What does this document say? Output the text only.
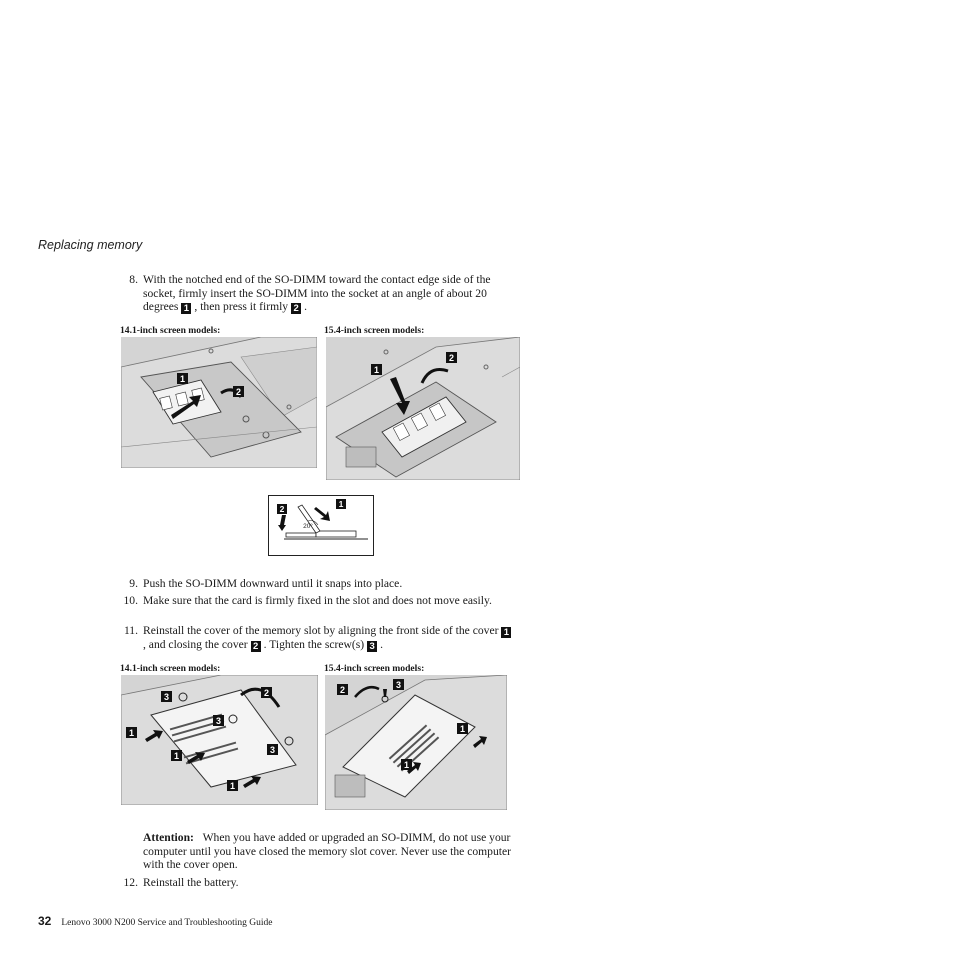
Replacing memory
8. With the notched end of the SO-DIMM toward the contact edge side of the socket, firmly insert the SO-DIMM into the socket at an angle of about 20 degrees 1 , then press it firmly 2 .
14.1-inch screen models:	15.4-inch screen models:
1
2
1
2
20°
1
2
9. Push the SO-DIMM downward until it snaps into place.
10. Make sure that the card is firmly fixed in the slot and does not move easily.
11. Reinstall the cover of the memory slot by aligning the front side of the cover 1, and closing the cover 2 . Tighten the screw(s) 3 .
14.1-inch screen models:	15.4-inch screen models:
2
3
3
3
1
1
1
2	3
1
1
Attention: When you have added or upgraded an SO-DIMM, do not use your computer until you have closed the memory slot cover. Never use the computer with the cover open.
12. Reinstall the battery.
32 Lenovo 3000 N200 Service and Troubleshooting Guide
